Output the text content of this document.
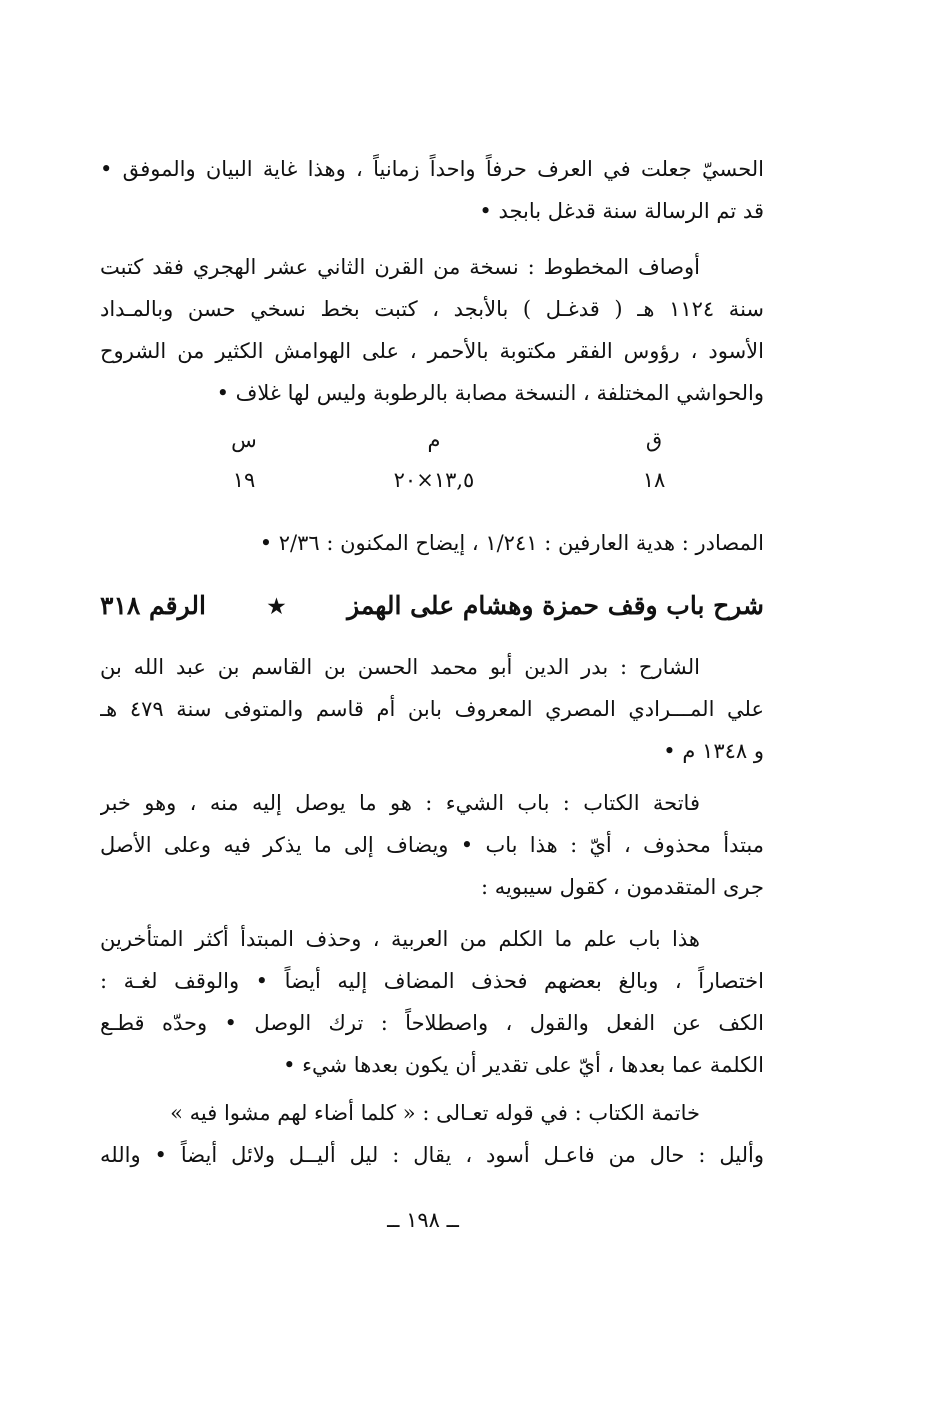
الحسيّ جعلت في العرف حرفاً واحداً زمانياً ، وهذا غاية البيان والموفق •
قد تم الرسالة سنة قدغل بابجد •
أوصاف المخطوط : نسخة من القرن الثاني عشر الهجري فقد كتبت
سنة ١١٢٤ هـ ( قدغـل ) بالأبجد ، كتبت بخط نسخي حسن وبالمـداد
الأسود ، رؤوس الفقر مكتوبة بالأحمر ، على الهوامش الكثير من الشروح
والحواشي المختلفة ، النسخة مصابة بالرطوبة وليس لها غلاف •
ق
١٨
م
١٣,٥×٢٠
س
١٩
المصادر : هدية العارفين : ١/٢٤١ ، إيضاح المكنون : ٢/٣٦ •
شرح باب وقف حمزة وهشام على الهمز
★
الرقم ٣١٨
الشارح : بدر الدين أبو محمد الحسن بن القاسم بن عبد الله بن
علي المـــرادي المصري المعروف بابن أم قاسم والمتوفى سنة ٤٧٩ هـ
و ١٣٤٨ م •
فاتحة الكتاب : باب الشيء : هو ما يوصل إليه منه ، وهو خبر
مبتدأ محذوف ، أيّ : هذا باب • ويضاف إلى ما يذكر فيه وعلى الأصل
جرى المتقدمون ، كقول سيبويه :
هذا باب علم ما الكلم من العربية ، وحذف المبتدأ أكثر المتأخرين
اختصاراً ، وبالغ بعضهم فحذف المضاف إليه أيضاً • والوقف لغـة :
الكف عن الفعل والقول ، واصطلاحاً : ترك الوصل • وحدّه قطـع
الكلمة عما بعدها ، أيّ على تقدير أن يكون بعدها شيء •
خاتمة الكتاب : في قوله تعـالى : « كلما أضاء لهم مشوا فيه »
وأليل : حال من فاعـل أسود ، يقال : ليل أليــل ولائل أيضاً • والله
ــ ١٩٨ ــ
